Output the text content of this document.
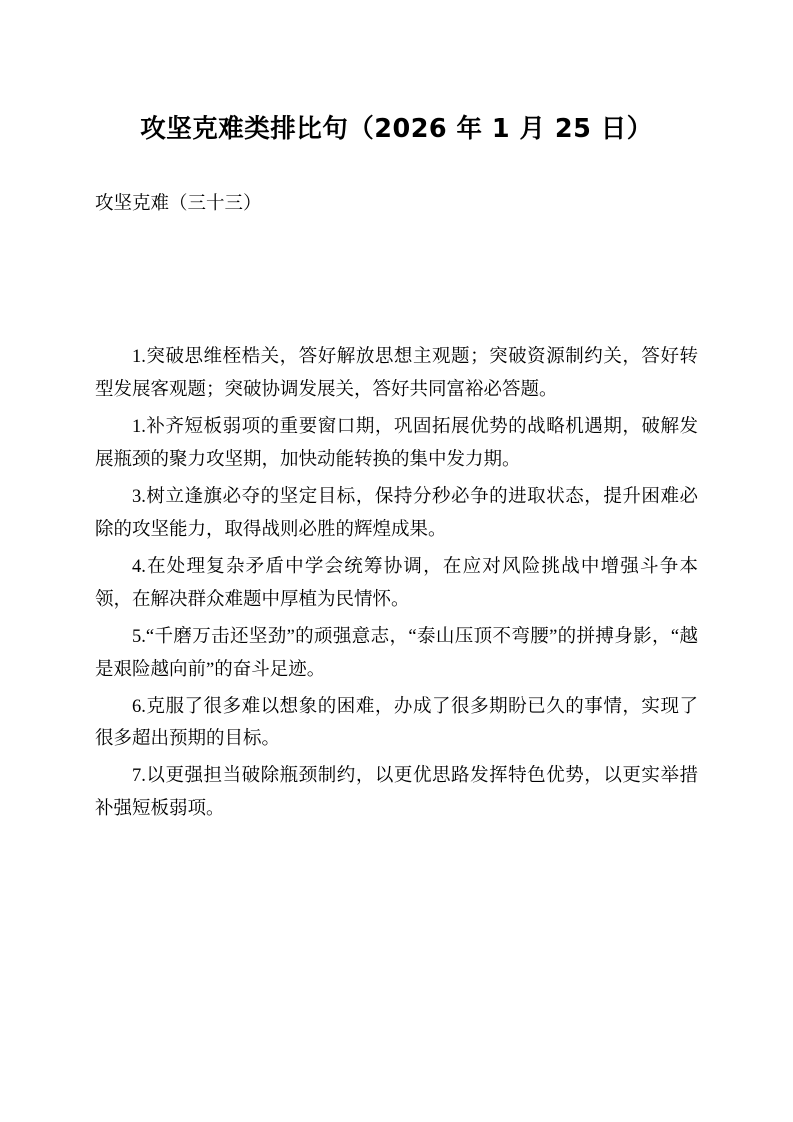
攻坚克难类排比句（2026 年 1 月 25 日）

攻坚克难（三十三）

1.突破思维桎梏关，答好解放思想主观题；突破资源制约关，答好转型发展客观题；突破协调发展关，答好共同富裕必答题。

1.补齐短板弱项的重要窗口期，巩固拓展优势的战略机遇期，破解发展瓶颈的聚力攻坚期，加快动能转换的集中发力期。

3.树立逢旗必夺的坚定目标，保持分秒必争的进取状态，提升困难必除的攻坚能力，取得战则必胜的辉煌成果。

4.在处理复杂矛盾中学会统筹协调，在应对风险挑战中增强斗争本领，在解决群众难题中厚植为民情怀。

5.“千磨万击还坚劲”的顽强意志，“泰山压顶不弯腰”的拼搏身影，“越是艰险越向前”的奋斗足迹。

6.克服了很多难以想象的困难，办成了很多期盼已久的事情，实现了很多超出预期的目标。

7.以更强担当破除瓶颈制约，以更优思路发挥特色优势，以更实举措补强短板弱项。
